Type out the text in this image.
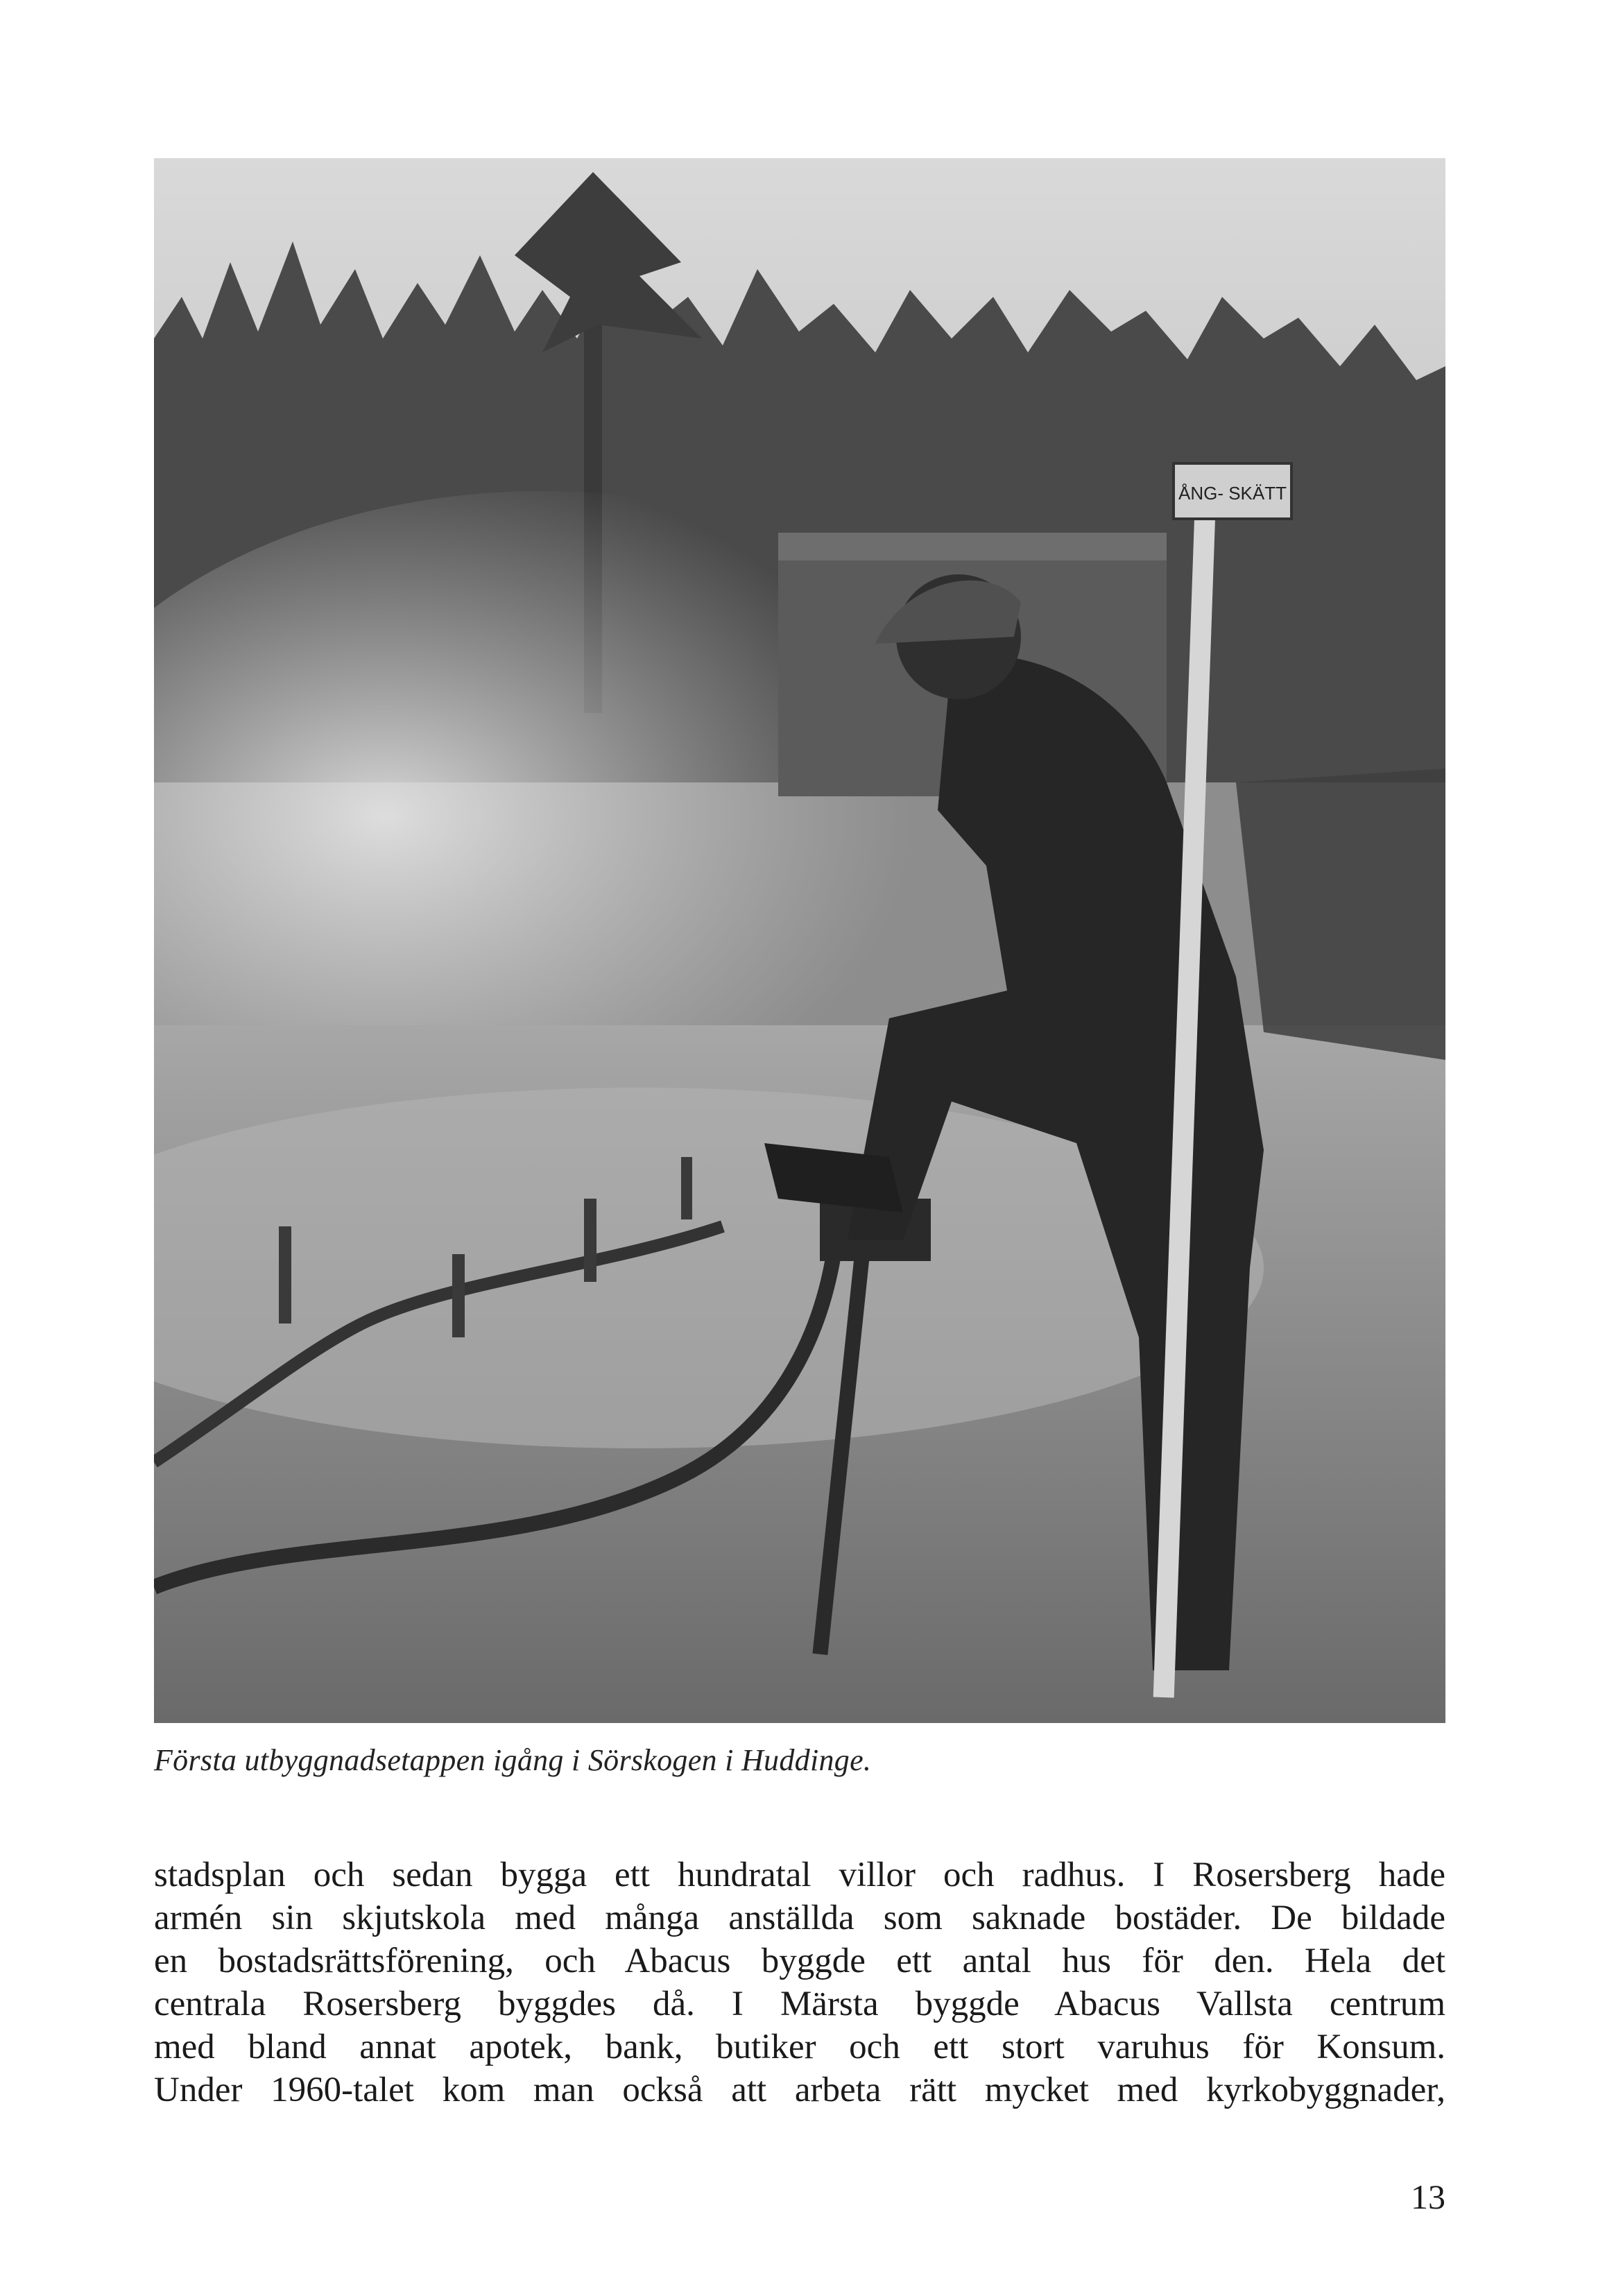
ÅNG- SKÄTT
Första utbyggnadsetappen igång i Sörskogen i Huddinge.
stadsplan och sedan bygga ett hundratal villor och radhus. I Rosersberg hade
armén sin skjutskola med många anställda som saknade bostäder. De bildade
en bostadsrättsförening, och Abacus byggde ett antal hus för den. Hela det
centrala Rosersberg byggdes då. I Märsta byggde Abacus Vallsta centrum
med bland annat apotek, bank, butiker och ett stort varuhus för Konsum.
Under 1960-talet kom man också att arbeta rätt mycket med kyrkobyggnader,
13
